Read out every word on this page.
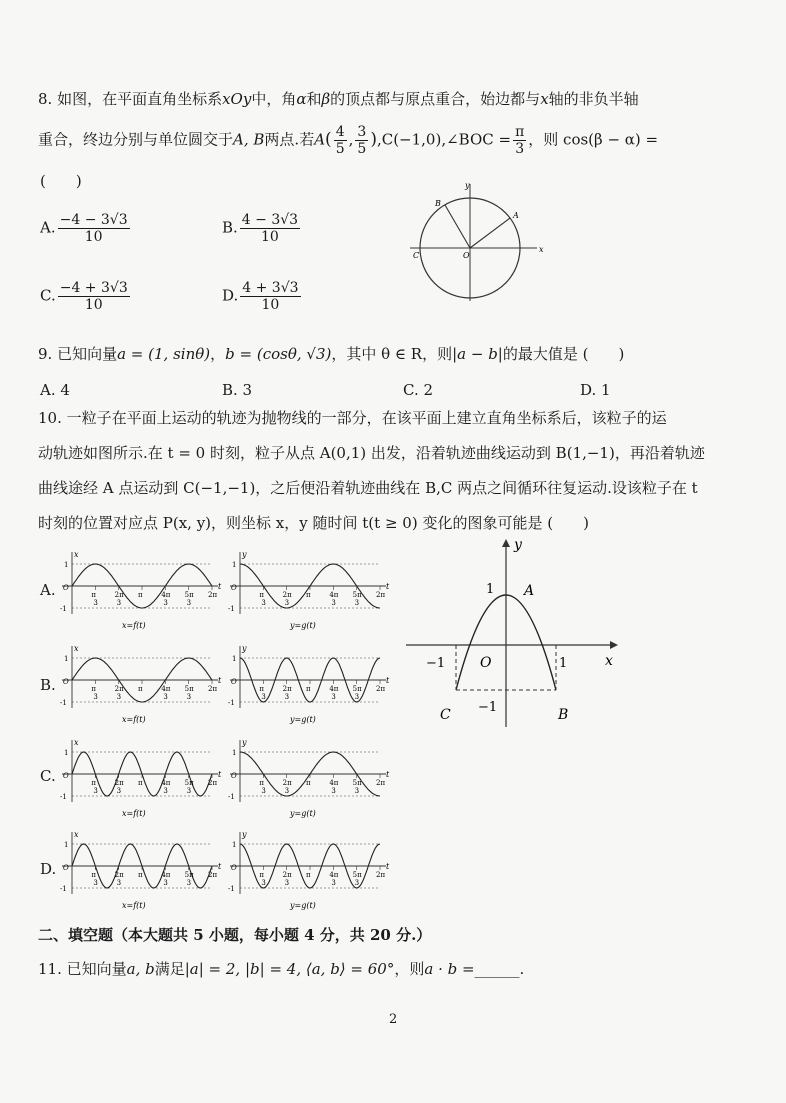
8. 如图，在平面直角坐标系xOy中，角α和β的顶点都与原点重合，始边都与x轴的非负半轴
重合，终边分别与单位圆交于A, B两点.若$A( \frac{4}{5}$ , $\frac{3}{5}$ ),C(−1,0),∠BOC = $\frac{\pi}{3}$ ，则 cos(β − α) =
(　　)
A. $\frac{-4 - 3√3}{10}$	B. $\frac{4 - 3√3}{10}$
C. $\frac{-4 + 3√3}{10}$	D. $\frac{4 + 3√3}{10}$
y
x
A
B
C	O
9. 已知向量a = (1, sinθ)，b = (cosθ, √3)，其中 θ ∈ R，则|a − b|的最大值是 (　　)
A. 4	B. 3	C. 2	D. 1
10. 一粒子在平面上运动的轨迹为抛物线的一部分，在该平面上建立直角坐标系后，该粒子的运
动轨迹如图所示.在 t = 0 时刻，粒子从点 A(0,1) 出发，沿着轨迹曲线运动到 B(1,−1)，再沿着轨迹
曲线途经 A 点运动到 C(−1,−1)，之后便沿着轨迹曲线在 B,C 两点之间循环往复运动.设该粒子在 t
时刻的位置对应点 P(x, y)，则坐标 x，y 随时间 t(t ≥ 0) 变化的图象可能是 (　　)
A.
B.
C.
D.
π
3
2π
3
π	4π
3
5π
3
2π
1
-1
O
x
t
x=f(t)
π
3
2π
3
π	4π
3
5π
3
2π
1
-1
O
y
t
y=g(t)
π
3
2π
3
π	4π
3
5π
3
2π
1
-1
O
x
t
x=f(t)
π
3
2π
3
π	4π
3
5π
3
2π
1
-1
O
y
t
y=g(t)
π
3
2π
3
π	4π
3
5π
3
2π
1
-1
O
x
t
x=f(t)
π
3
2π
3
π	4π
3
5π
3
2π
1
-1
O
y
t
y=g(t)
π
3
2π
3
π	4π
3
5π
3
2π
1
-1
O
x
t
x=f(t)
π
3
2π
3
π	4π
3
5π
3
2π
1
-1
O
y
t
y=g(t)
y
x
1 A
−1 O	1
−1
C	B
二、填空题（本大题共 5 小题，每小题 4 分，共 20 分.）
11. 已知向量a, b满足|a| = 2, |b| = 4, ⟨a, b⟩ = 60°，则a · b =______.
2
